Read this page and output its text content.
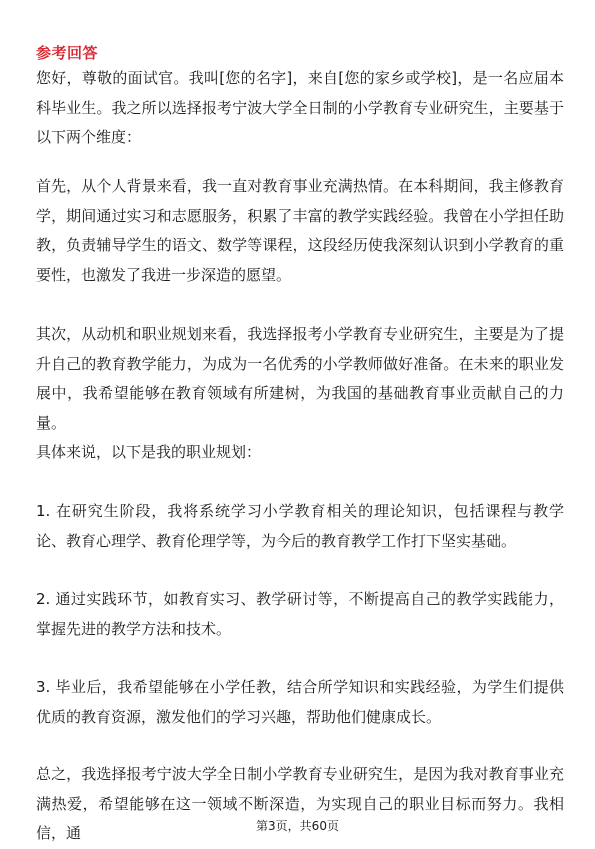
参考回答

您好，尊敬的面试官。我叫[您的名字]，来自[您的家乡或学校]，是一名应届本科毕业生。我之所以选择报考宁波大学全日制的小学教育专业研究生，主要基于以下两个维度：

首先，从个人背景来看，我一直对教育事业充满热情。在本科期间，我主修教育学，期间通过实习和志愿服务，积累了丰富的教学实践经验。我曾在小学担任助教，负责辅导学生的语文、数学等课程，这段经历使我深刻认识到小学教育的重要性，也激发了我进一步深造的愿望。

其次，从动机和职业规划来看，我选择报考小学教育专业研究生，主要是为了提升自己的教育教学能力，为成为一名优秀的小学教师做好准备。在未来的职业发展中，我希望能够在教育领域有所建树，为我国的基础教育事业贡献自己的力量。

具体来说，以下是我的职业规划：

1. 在研究生阶段，我将系统学习小学教育相关的理论知识，包括课程与教学论、教育心理学、教育伦理学等，为今后的教育教学工作打下坚实基础。

2. 通过实践环节，如教育实习、教学研讨等，不断提高自己的教学实践能力，掌握先进的教学方法和技术。

3. 毕业后，我希望能够在小学任教，结合所学知识和实践经验，为学生们提供优质的教育资源，激发他们的学习兴趣，帮助他们健康成长。

总之，我选择报考宁波大学全日制小学教育专业研究生，是因为我对教育事业充满热爱，希望能够在这一领域不断深造，为实现自己的职业目标而努力。我相信，通	第3页，共60页
